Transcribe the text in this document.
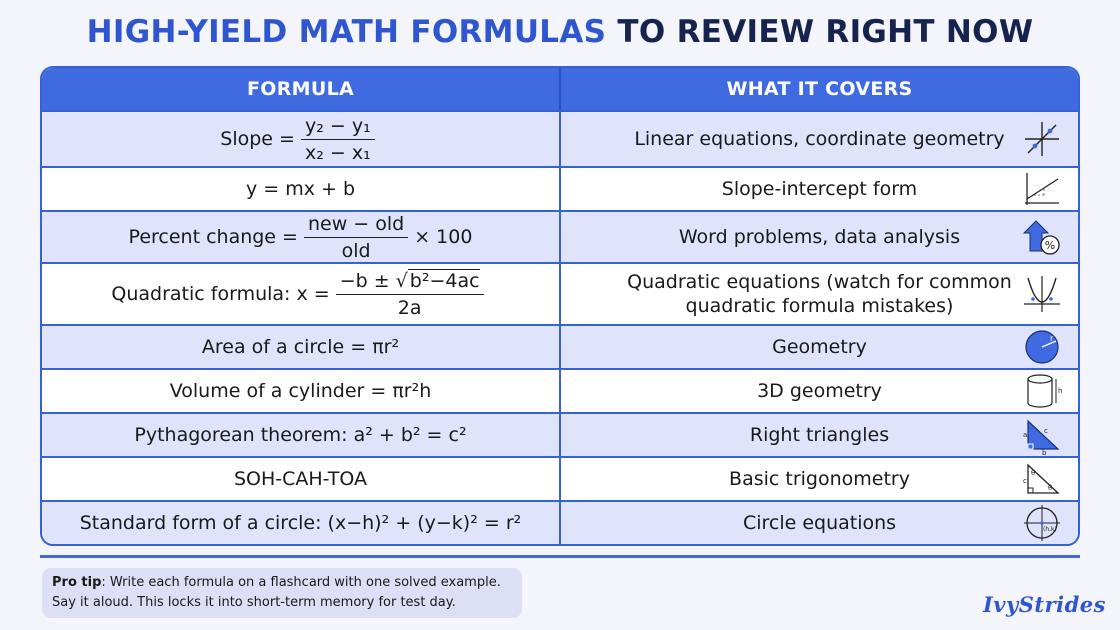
HIGH-YIELD MATH FORMULAS TO REVIEW RIGHT NOW
FORMULA	WHAT IT COVERS
Slope = $\frac{\text{y₂ − y₁}}{\text{x₂ − x₁}}$	Linear equations, coordinate geometry
y = mx + b	Slope-intercept form
Percent change = $\frac{\text{new − old}}{\text{old}} \times 100$	Word problems, data analysis	%
Quadratic formula: $x = \frac{\text{−b ± √ b²−4ac}}{2a}$	Quadratic equations (watch for common quadratic formula mistakes)
Area of a circle = πr²	Geometry	r
Volume of a cylinder = πr²h	3D geometry	h
Pythagorean theorem: a² + b² = c²	Right triangles	a c
b
SOH-CAH-TOA	Basic trigonometry	θ
c
θ
Standard form of a circle: (x−h)² + (y−k)² = r²	Circle equations	(h,k)
Pro tip: Write each formula on a flashcard with one solved example.
Say it aloud. This locks it into short-term memory for test day.	IvyStrides
